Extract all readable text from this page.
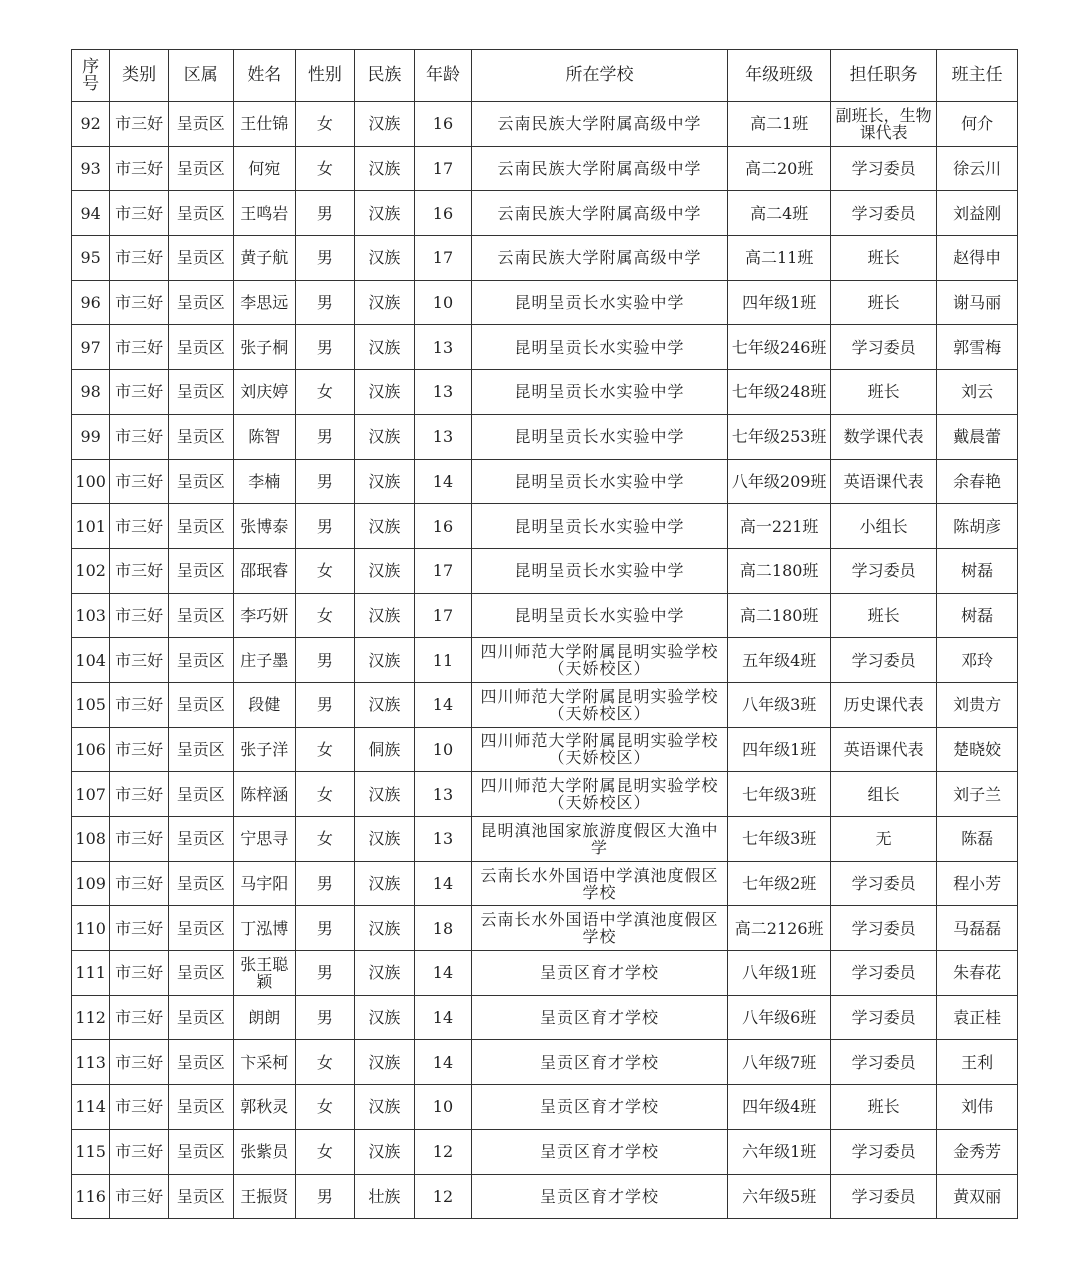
序号	类别	区属	姓名	性别	民族	年龄	所在学校	年级班级	担任职务	班主任
92	市三好	呈贡区	王仕锦	女	汉族	16	云南民族大学附属高级中学	高二1班	副班长，生物课代表	何介
93	市三好	呈贡区	何宛	女	汉族	17	云南民族大学附属高级中学	高二20班	学习委员	徐云川
94	市三好	呈贡区	王鸣岩	男	汉族	16	云南民族大学附属高级中学	高二4班	学习委员	刘益刚
95	市三好	呈贡区	黄子航	男	汉族	17	云南民族大学附属高级中学	高二11班	班长	赵得申
96	市三好	呈贡区	李思远	男	汉族	10	昆明呈贡长水实验中学	四年级1班	班长	谢马丽
97	市三好	呈贡区	张子桐	男	汉族	13	昆明呈贡长水实验中学	七年级246班	学习委员	郭雪梅
98	市三好	呈贡区	刘庆婷	女	汉族	13	昆明呈贡长水实验中学	七年级248班	班长	刘云
99	市三好	呈贡区	陈智	男	汉族	13	昆明呈贡长水实验中学	七年级253班	数学课代表	戴晨蕾
100	市三好	呈贡区	李楠	男	汉族	14	昆明呈贡长水实验中学	八年级209班	英语课代表	余春艳
101	市三好	呈贡区	张博泰	男	汉族	16	昆明呈贡长水实验中学	高一221班	小组长	陈胡彦
102	市三好	呈贡区	邵珉睿	女	汉族	17	昆明呈贡长水实验中学	高二180班	学习委员	树磊
103	市三好	呈贡区	李巧妍	女	汉族	17	昆明呈贡长水实验中学	高二180班	班长	树磊
104	市三好	呈贡区	庄子墨	男	汉族	11	四川师范大学附属昆明实验学校（天娇校区）	五年级4班	学习委员	邓玲
105	市三好	呈贡区	段健	男	汉族	14	四川师范大学附属昆明实验学校（天娇校区）	八年级3班	历史课代表	刘贵方
106	市三好	呈贡区	张子洋	女	侗族	10	四川师范大学附属昆明实验学校（天娇校区）	四年级1班	英语课代表	楚晓姣
107	市三好	呈贡区	陈梓涵	女	汉族	13	四川师范大学附属昆明实验学校（天娇校区）	七年级3班	组长	刘子兰
108	市三好	呈贡区	宁思寻	女	汉族	13	昆明滇池国家旅游度假区大渔中学	七年级3班	无	陈磊
109	市三好	呈贡区	马宇阳	男	汉族	14	云南长水外国语中学滇池度假区学校	七年级2班	学习委员	程小芳
110	市三好	呈贡区	丁泓博	男	汉族	18	云南长水外国语中学滇池度假区学校	高二2126班	学习委员	马磊磊
111	市三好	呈贡区	张王聪颖	男	汉族	14	呈贡区育才学校	八年级1班	学习委员	朱春花
112	市三好	呈贡区	朗朗	男	汉族	14	呈贡区育才学校	八年级6班	学习委员	袁正桂
113	市三好	呈贡区	卞采柯	女	汉族	14	呈贡区育才学校	八年级7班	学习委员	王利
114	市三好	呈贡区	郭秋灵	女	汉族	10	呈贡区育才学校	四年级4班	班长	刘伟
115	市三好	呈贡区	张紫员	女	汉族	12	呈贡区育才学校	六年级1班	学习委员	金秀芳
116	市三好	呈贡区	王振贤	男	壮族	12	呈贡区育才学校	六年级5班	学习委员	黄双丽
